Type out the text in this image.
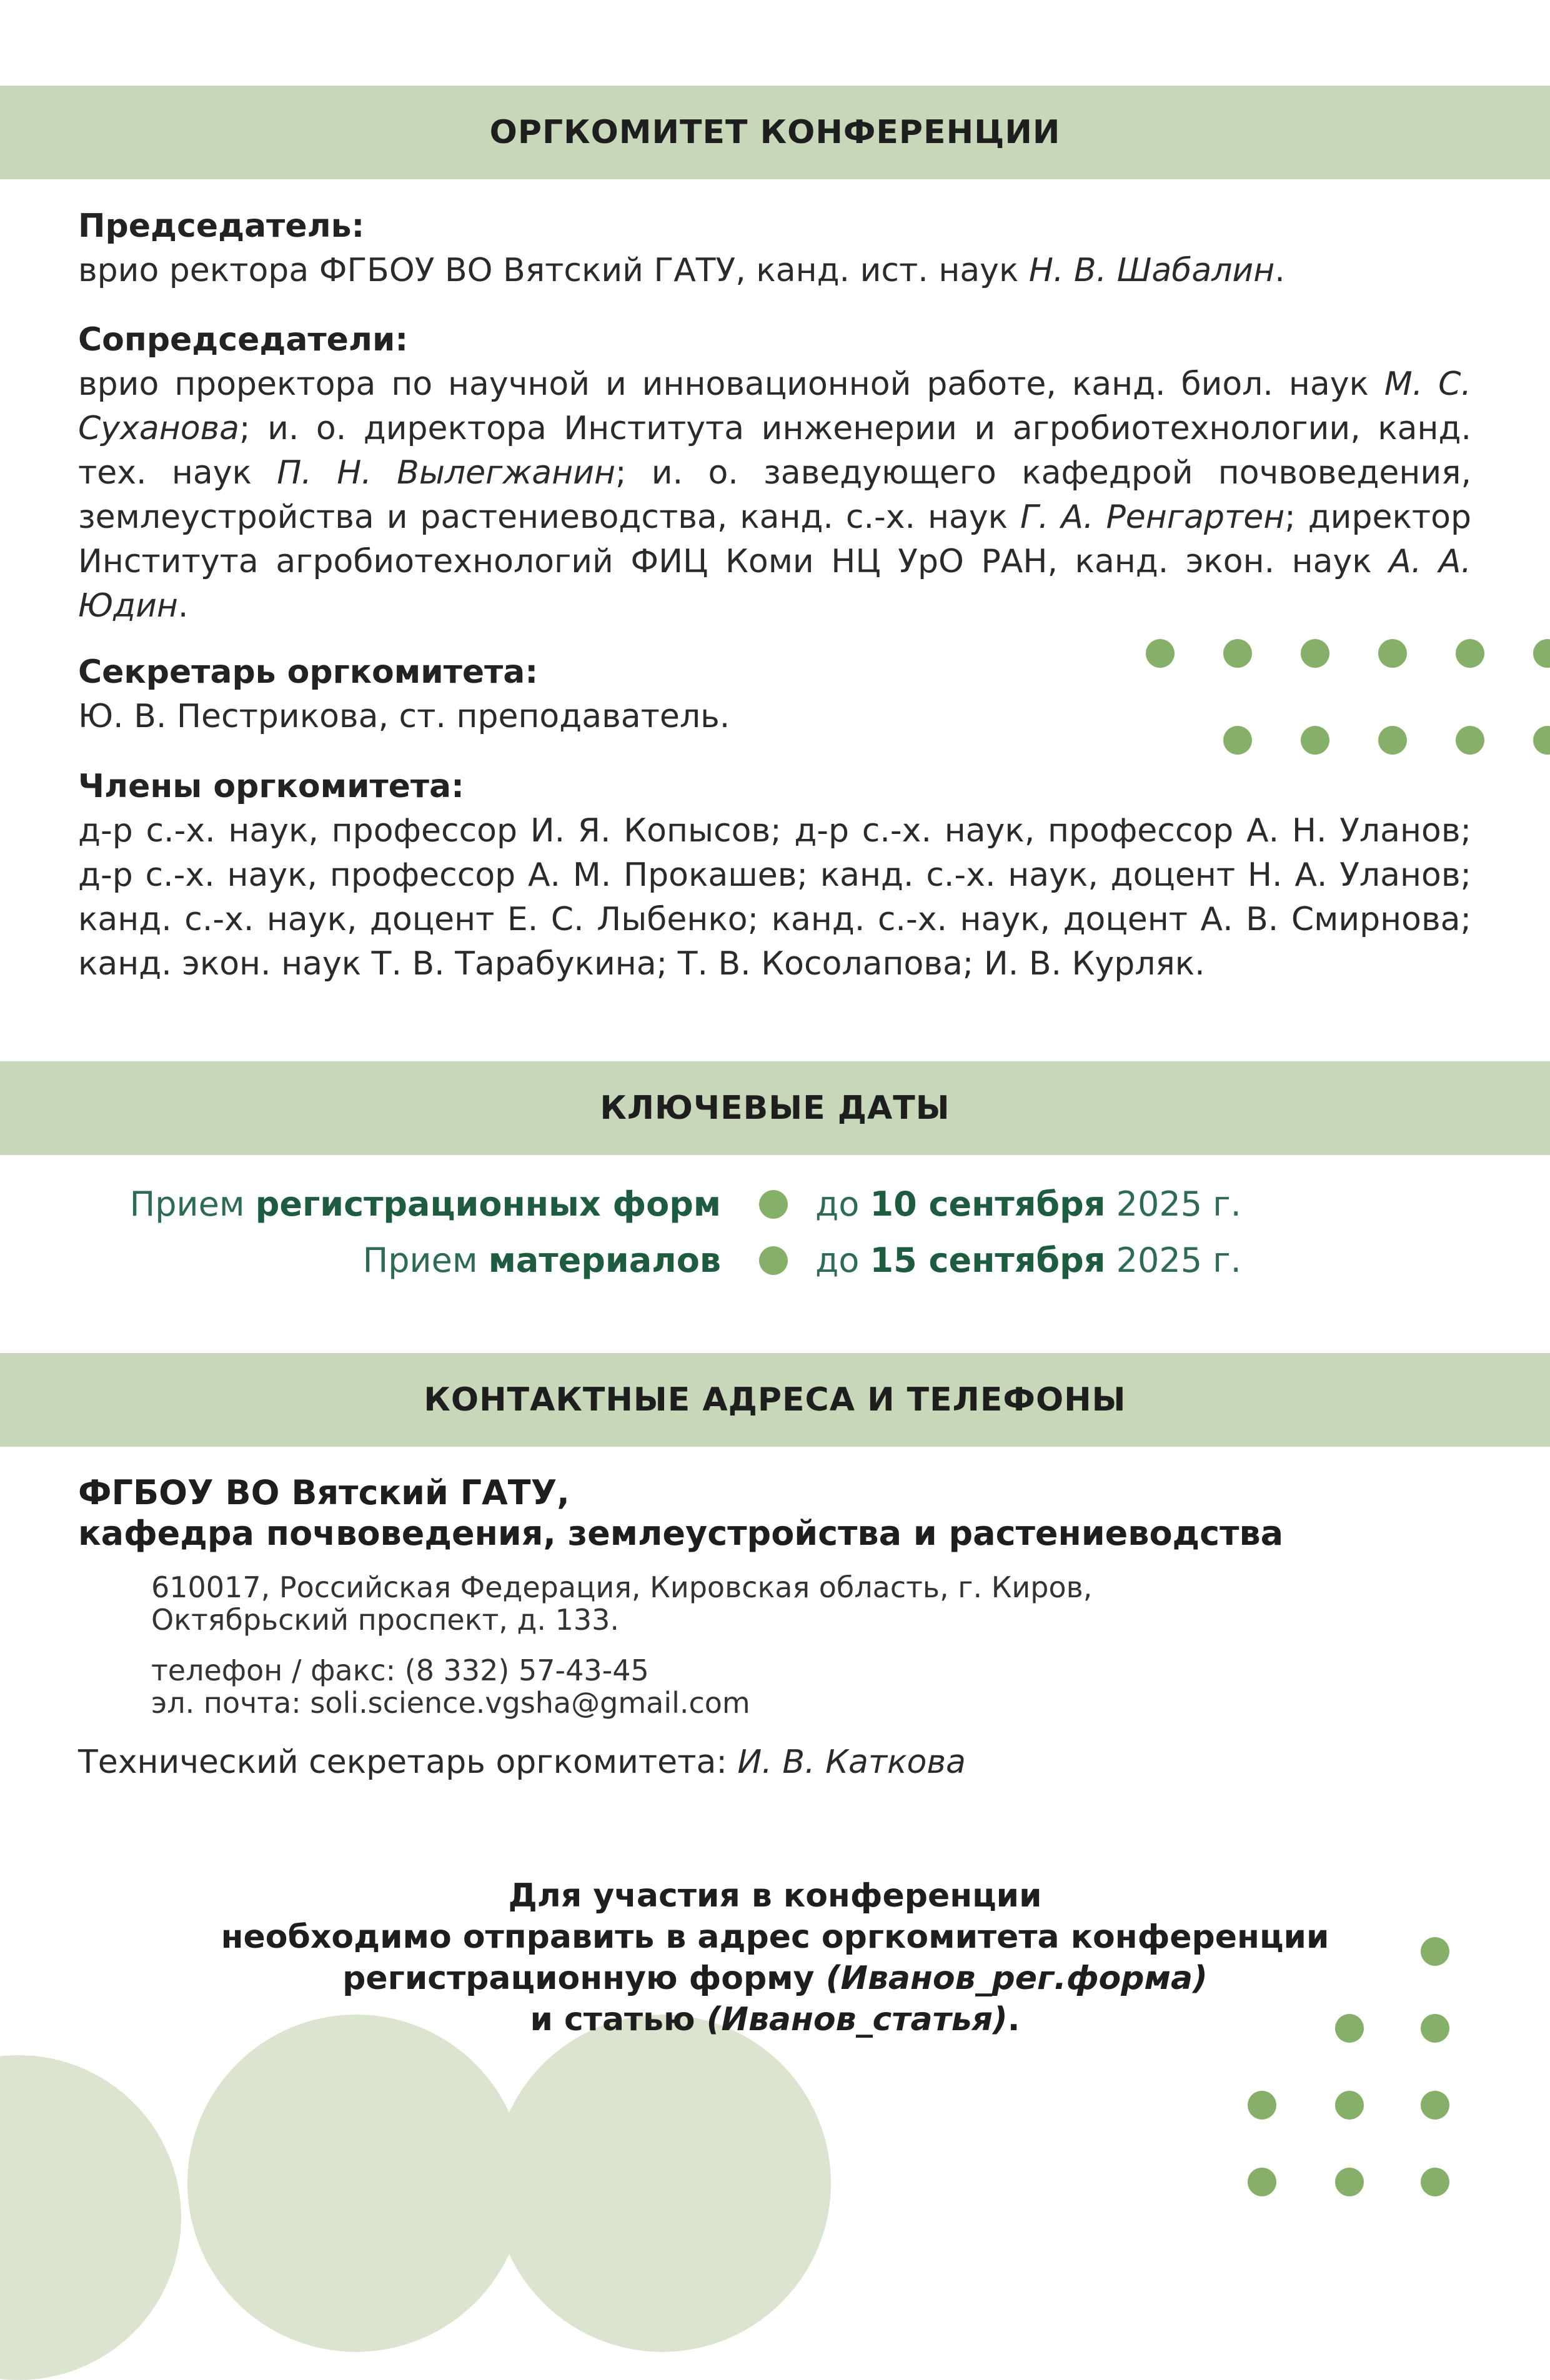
ОРГКОМИТЕТ КОНФЕРЕНЦИИ

Председатель:

врио ректора ФГБОУ ВО Вятский ГАТУ, канд. ист. наук Н. В. Шабалин.

Сопредседатели:

врио проректора по научной и инновационной работе, канд. биол. наук М. С. Суханова; и. о. директора Института инженерии и агробиотехнологии, канд. тех. наук П. Н. Вылегжанин; и. о. заведующего кафедрой почвоведения, землеустройства и растениеводства, канд. с.-х. наук Г. А. Ренгартен; директор Института агробиотехнологий ФИЦ Коми НЦ УрО РАН, канд. экон. наук А. А. Юдин.

Секретарь оргкомитета:

Ю. В. Пестрикова, ст. преподаватель.

Члены оргкомитета:

д-р с.-х. наук, профессор И. Я. Копысов; д-р с.-х. наук, профессор А. Н. Уланов; д-р с.-х. наук, профессор А. М. Прокашев; канд. с.-х. наук, доцент Н. А. Уланов; канд. с.-х. наук, доцент Е. С. Лыбенко; канд. с.-х. наук, доцент А. В. Смирнова; канд. экон. наук Т. В. Тарабукина; Т. В. Косолапова; И. В. Курляк.

КЛЮЧЕВЫЕ ДАТЫ
Прием регистрационных форм	до 10 сентября 2025 г.
Прием материалов	до 15 сентября 2025 г.
КОНТАКТНЫЕ АДРЕСА И ТЕЛЕФОНЫ
ФГБОУ ВО Вятский ГАТУ,
кафедра почвоведения, землеустройства и растениеводства
610017, Российская Федерация, Кировская область, г. Киров,
Октябрьский проспект, д. 133.
телефон / факс: (8 332) 57-43-45
эл. почта: soli.science.vgsha@gmail.com
Технический секретарь оргкомитета: И. В. Каткова
Для участия в конференции
необходимо отправить в адрес оргкомитета конференции
регистрационную форму (Иванов_рег.форма)
и статью (Иванов_статья).
